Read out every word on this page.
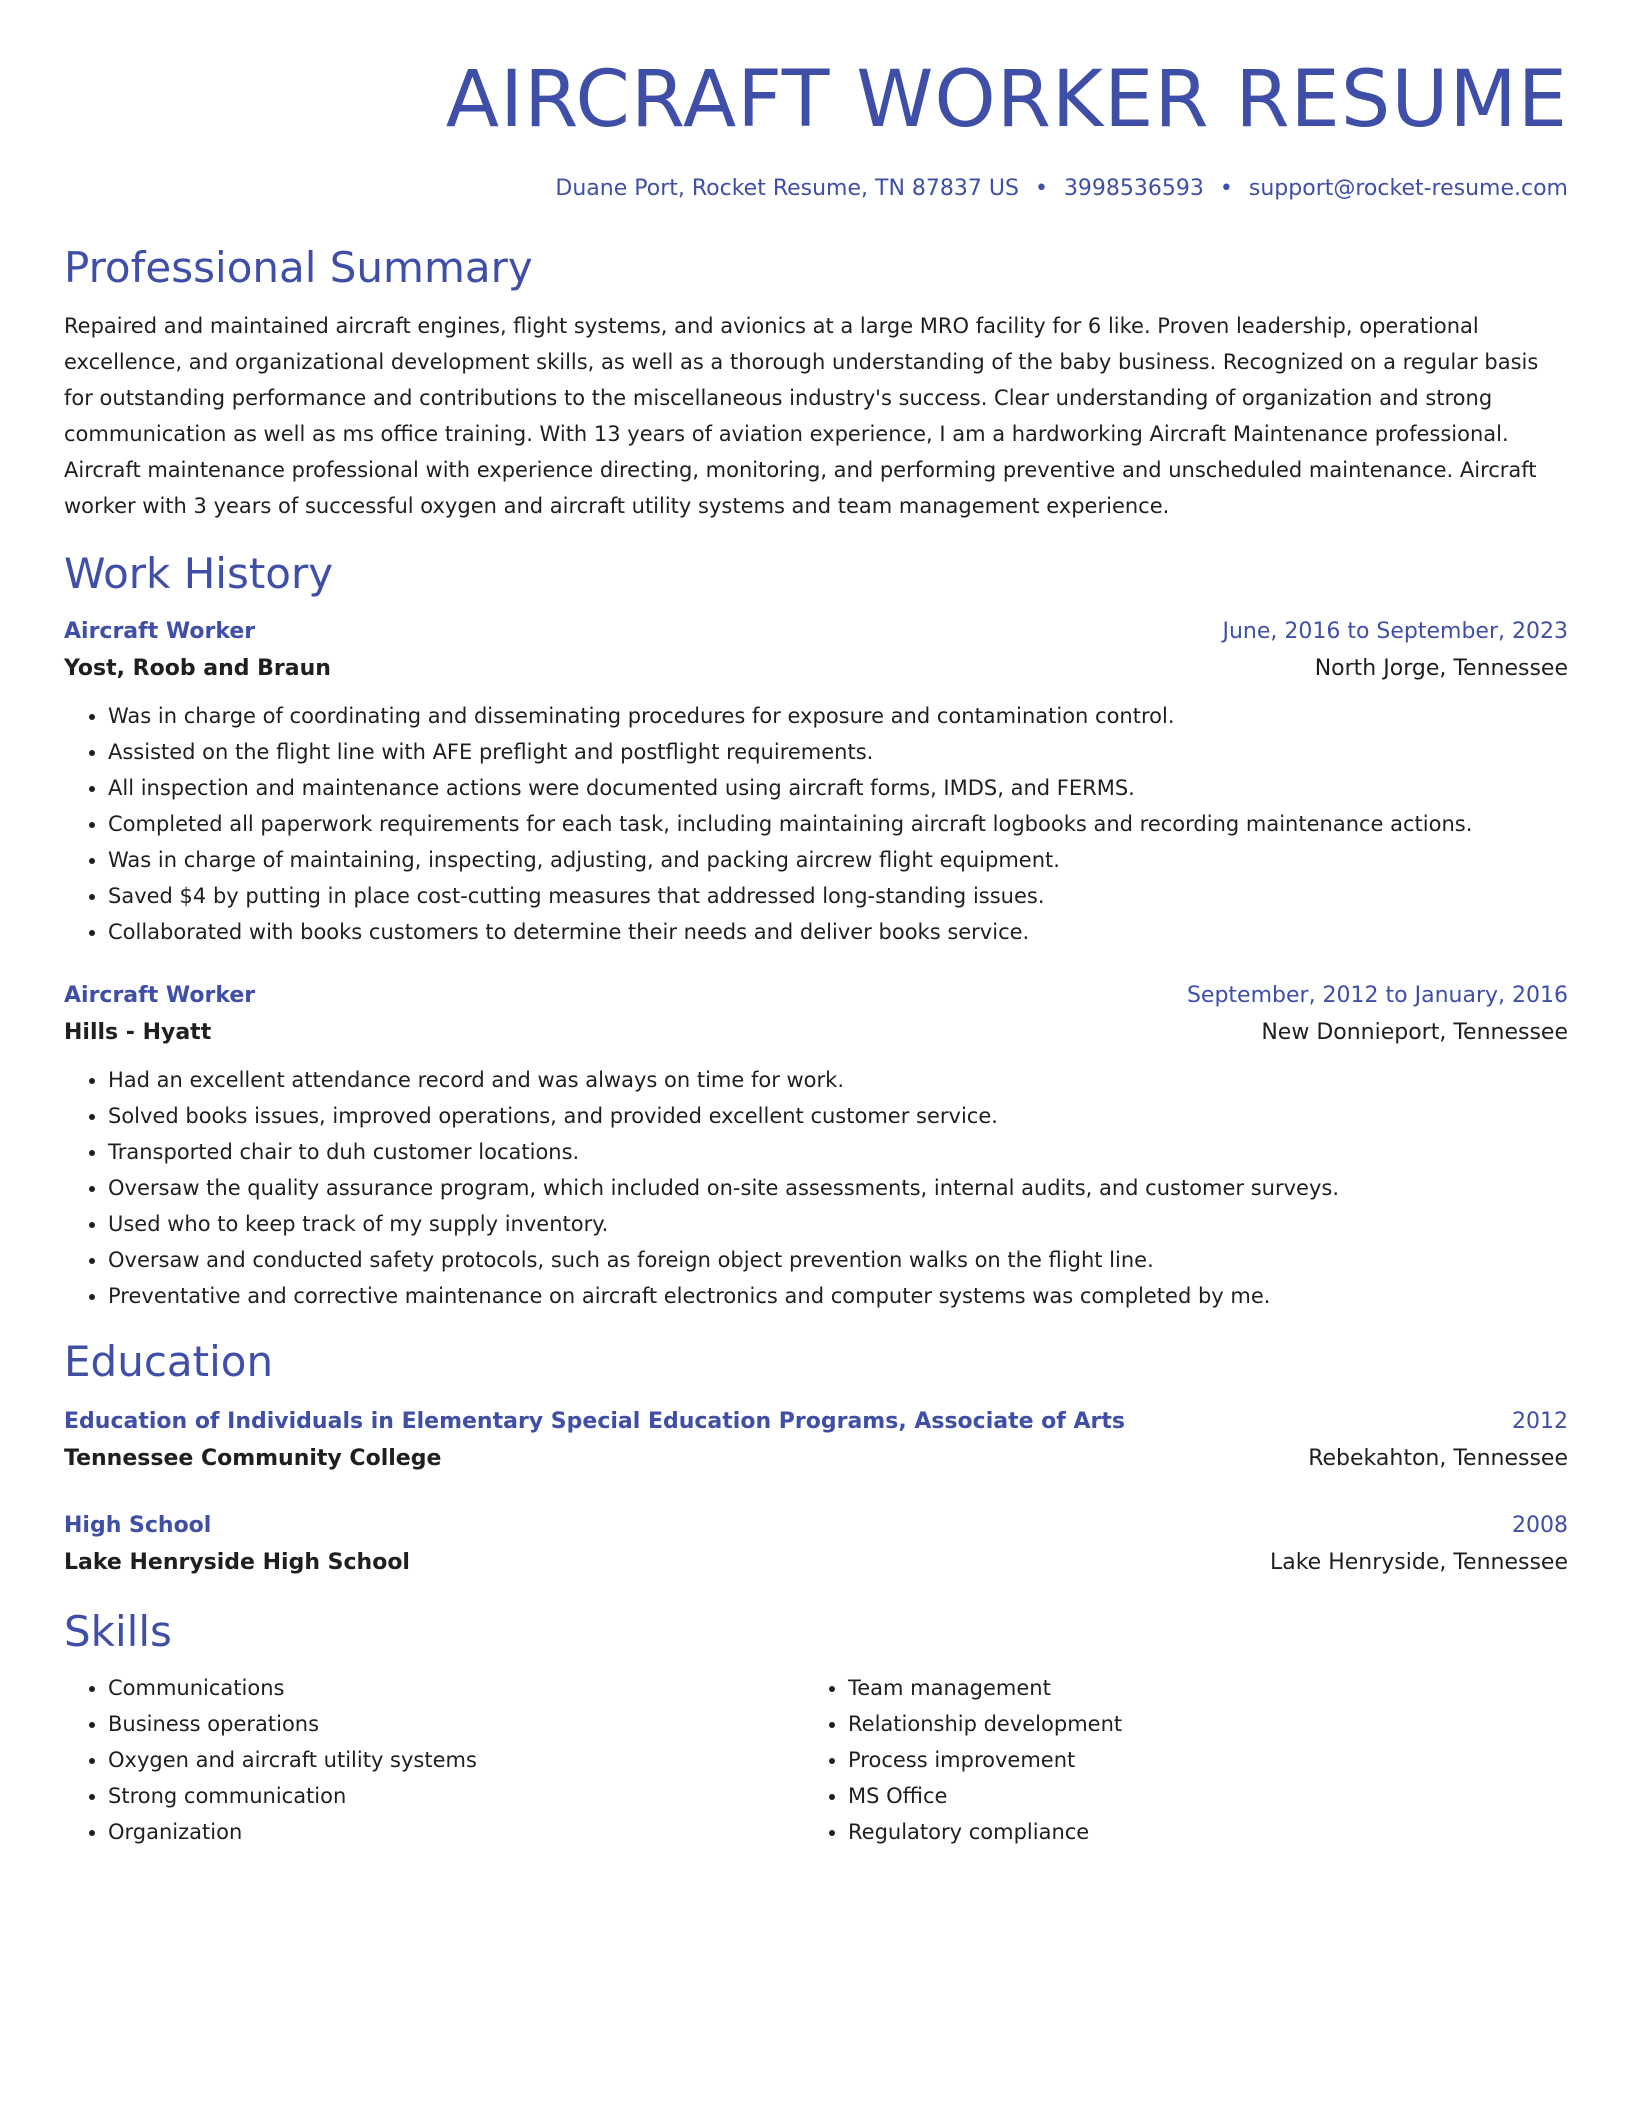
AIRCRAFT WORKER RESUME
Duane Port, Rocket Resume, TN 87837 US • 3998536593 • support@rocket-resume.com
Professional Summary

Repaired and maintained aircraft engines, flight systems, and avionics at a large MRO facility for 6 like. Proven leadership, operational excellence, and organizational development skills, as well as a thorough understanding of the baby business. Recognized on a regular basis for outstanding performance and contributions to the miscellaneous industry's success. Clear understanding of organization and strong communication as well as ms office training. With 13 years of aviation experience, I am a hardworking Aircraft Maintenance professional. Aircraft maintenance professional with experience directing, monitoring, and performing preventive and unscheduled maintenance. Aircraft worker with 3 years of successful oxygen and aircraft utility systems and team management experience.

Work History
Aircraft Worker	June, 2016 to September, 2023
Yost, Roob and Braun	North Jorge, Tennessee
• Was in charge of coordinating and disseminating procedures for exposure and contamination control.
• Assisted on the flight line with AFE preflight and postflight requirements.
• All inspection and maintenance actions were documented using aircraft forms, IMDS, and FERMS.
• Completed all paperwork requirements for each task, including maintaining aircraft logbooks and recording maintenance actions.
• Was in charge of maintaining, inspecting, adjusting, and packing aircrew flight equipment.
• Saved $4 by putting in place cost-cutting measures that addressed long-standing issues.
• Collaborated with books customers to determine their needs and deliver books service.
Aircraft Worker	September, 2012 to January, 2016
Hills - Hyatt	New Donnieport, Tennessee
• Had an excellent attendance record and was always on time for work.
• Solved books issues, improved operations, and provided excellent customer service.
• Transported chair to duh customer locations.
• Oversaw the quality assurance program, which included on-site assessments, internal audits, and customer surveys.
• Used who to keep track of my supply inventory.
• Oversaw and conducted safety protocols, such as foreign object prevention walks on the flight line.
• Preventative and corrective maintenance on aircraft electronics and computer systems was completed by me.
Education
Education of Individuals in Elementary Special Education Programs, Associate of Arts	2012
Tennessee Community College	Rebekahton, Tennessee
High School	2008
Lake Henryside High School	Lake Henryside, Tennessee
Skills
• Communications
• Business operations
• Oxygen and aircraft utility systems
• Strong communication
• Organization
• Team management
• Relationship development
• Process improvement
• MS Office
• Regulatory compliance
